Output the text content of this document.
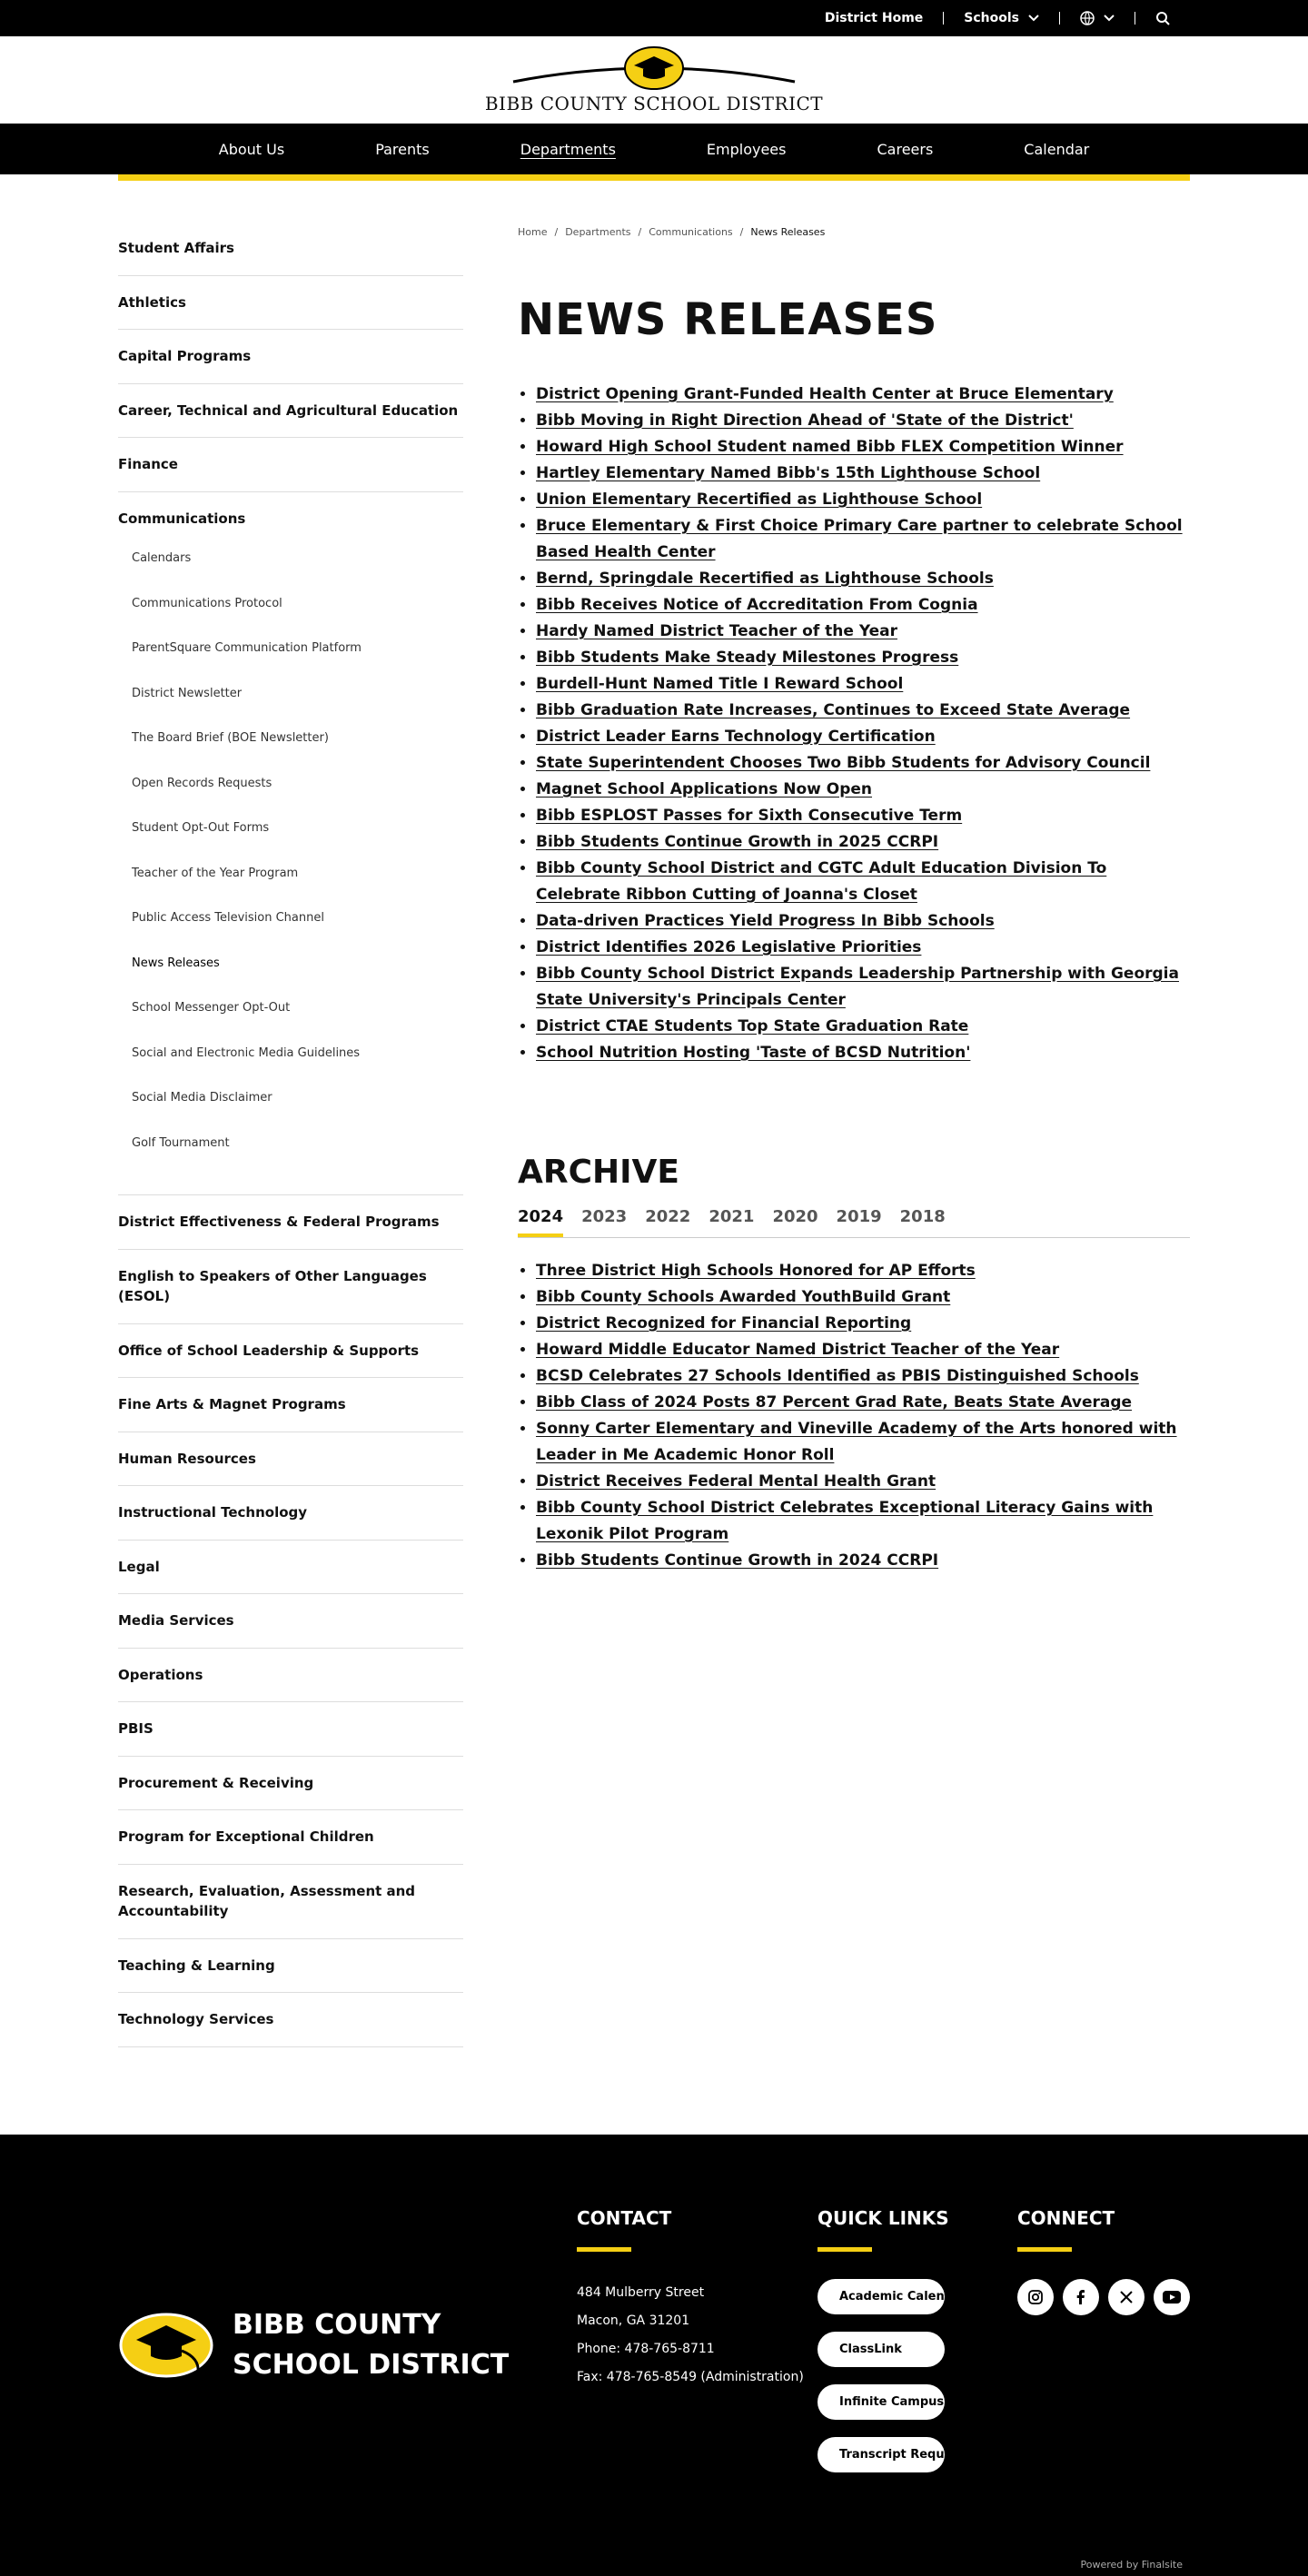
District Home	Schools
BIBB COUNTY SCHOOL DISTRICT
About Us	Parents	Departments	Employees	Careers	Calendar
Student Affairs
Athletics
Capital Programs
Career, Technical and Agricultural Education
Finance
Communications
Calendars
Communications Protocol
ParentSquare Communication Platform
District Newsletter
The Board Brief (BOE Newsletter)
Open Records Requests
Student Opt-Out Forms
Teacher of the Year Program
Public Access Television Channel
News Releases
School Messenger Opt-Out
Social and Electronic Media Guidelines
Social Media Disclaimer
Golf Tournament
District Effectiveness & Federal Programs
English to Speakers of Other Languages (ESOL)
Office of School Leadership & Supports
Fine Arts & Magnet Programs
Human Resources
Instructional Technology
Legal
Media Services
Operations
PBIS
Procurement & Receiving
Program for Exceptional Children
Research, Evaluation, Assessment and Accountability
Teaching & Learning
Technology Services
Home / Departments / Communications / News Releases
NEWS RELEASES
• District Opening Grant-Funded Health Center at Bruce Elementary
• Bibb Moving in Right Direction Ahead of 'State of the District'
• Howard High School Student named Bibb FLEX Competition Winner
• Hartley Elementary Named Bibb's 15th Lighthouse School
• Union Elementary Recertified as Lighthouse School
• Bruce Elementary & First Choice Primary Care partner to celebrate School Based Health Center
• Bernd, Springdale Recertified as Lighthouse Schools
• Bibb Receives Notice of Accreditation From Cognia
• Hardy Named District Teacher of the Year
• Bibb Students Make Steady Milestones Progress
• Burdell-Hunt Named Title I Reward School
• Bibb Graduation Rate Increases, Continues to Exceed State Average
• District Leader Earns Technology Certification
• State Superintendent Chooses Two Bibb Students for Advisory Council
• Magnet School Applications Now Open
• Bibb ESPLOST Passes for Sixth Consecutive Term
• Bibb Students Continue Growth in 2025 CCRPI
• Bibb County School District and CGTC Adult Education Division To Celebrate Ribbon Cutting of Joanna's Closet
• Data-driven Practices Yield Progress In Bibb Schools
• District Identifies 2026 Legislative Priorities
• Bibb County School District Expands Leadership Partnership with Georgia State University's Principals Center
• District CTAE Students Top State Graduation Rate
• School Nutrition Hosting 'Taste of BCSD Nutrition'
ARCHIVE
2024 2023 2022 2021 2020 2019 2018
• Three District High Schools Honored for AP Efforts
• Bibb County Schools Awarded YouthBuild Grant
• District Recognized for Financial Reporting
• Howard Middle Educator Named District Teacher of the Year
• BCSD Celebrates 27 Schools Identified as PBIS Distinguished Schools
• Bibb Class of 2024 Posts 87 Percent Grad Rate, Beats State Average
• Sonny Carter Elementary and Vineville Academy of the Arts honored with Leader in Me Academic Honor Roll
• District Receives Federal Mental Health Grant
• Bibb County School District Celebrates Exceptional Literacy Gains with Lexonik Pilot Program
• Bibb Students Continue Growth in 2024 CCRPI
BIBB COUNTY
SCHOOL DISTRICT
CONTACT
484 Mulberry Street
Macon, GA 31201
Phone: 478-765-8711
Fax: 478-765-8549 (Administration)
QUICK LINKS
Academic Calendar
ClassLink
Infinite Campus
Transcript Requests
CONNECT
Powered by Finalsite
